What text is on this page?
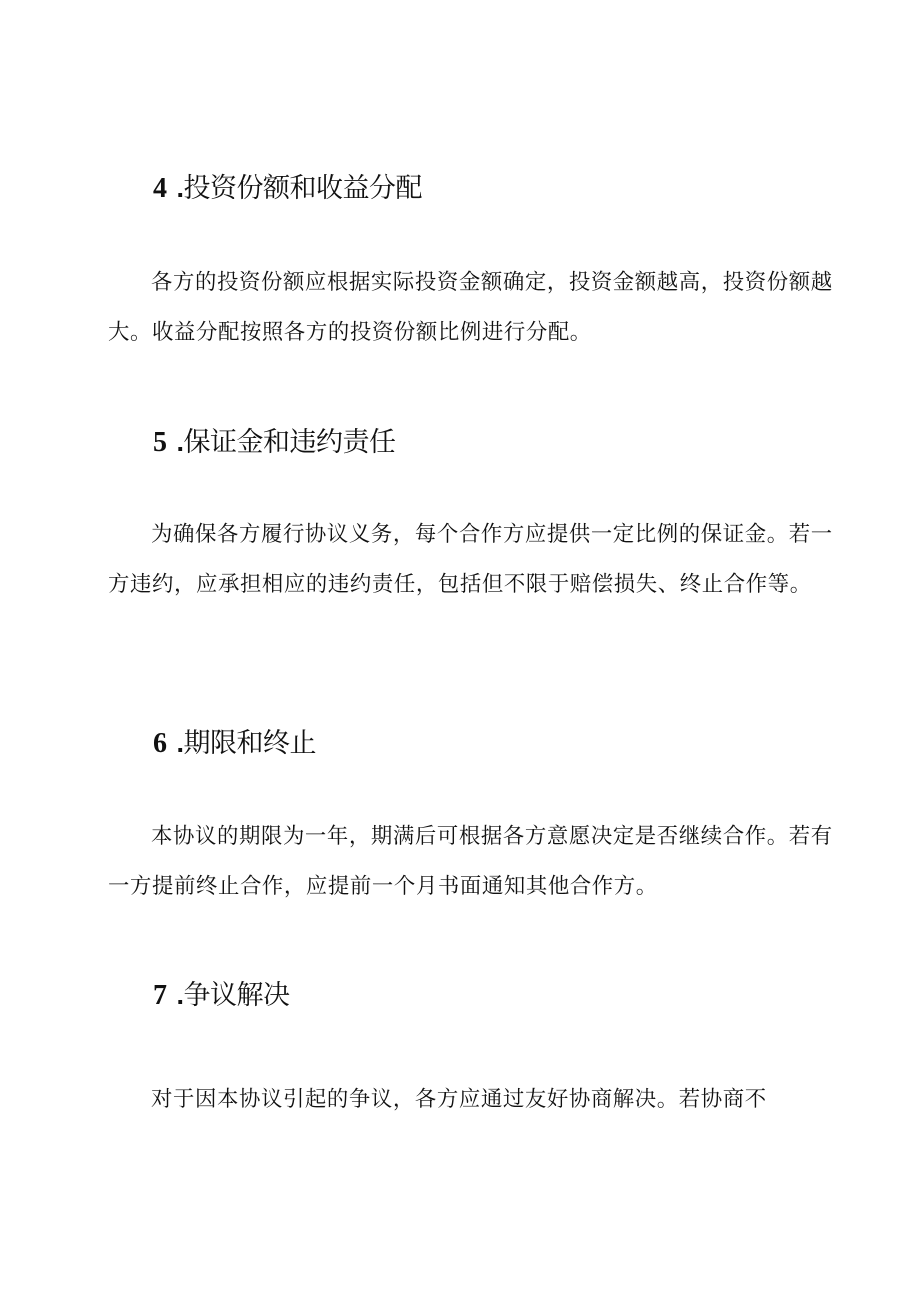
4 .投资份额和收益分配

各方的投资份额应根据实际投资金额确定，投资金额越高，投资份额越大。收益分配按照各方的投资份额比例进行分配。

5 .保证金和违约责任

为确保各方履行协议义务，每个合作方应提供一定比例的保证金。若一方违约，应承担相应的违约责任，包括但不限于赔偿损失、终止合作等。

6 .期限和终止

本协议的期限为一年，期满后可根据各方意愿决定是否继续合作。若有一方提前终止合作，应提前一个月书面通知其他合作方。

7 .争议解决

对于因本协议引起的争议，各方应通过友好协商解决。若协商不
